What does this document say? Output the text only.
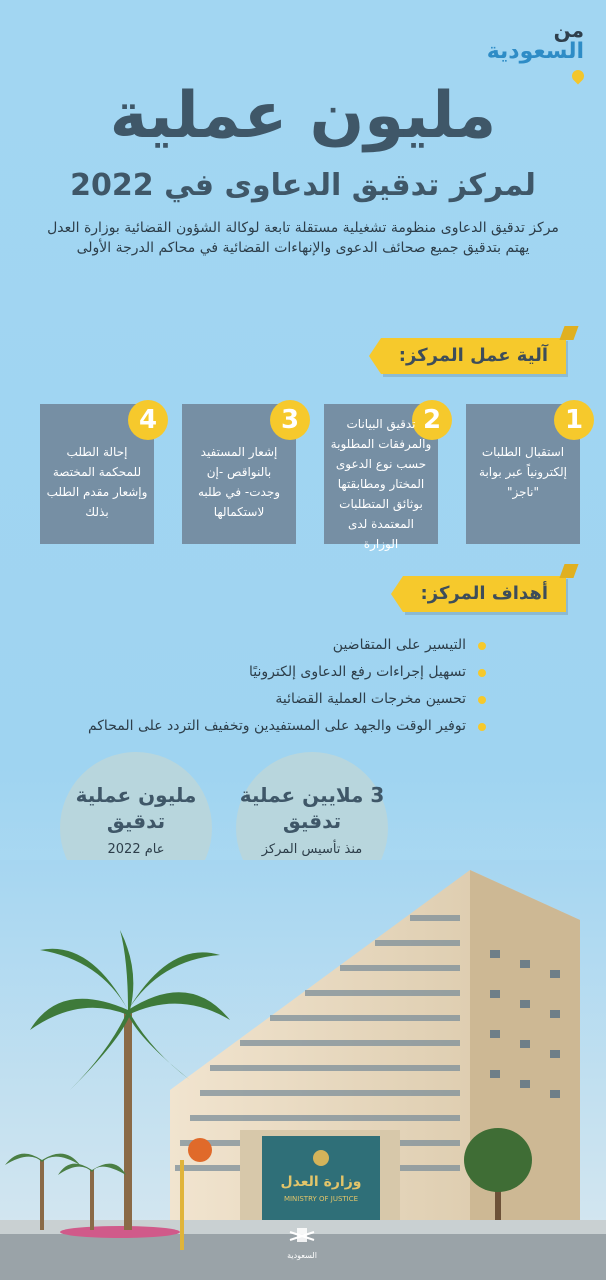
من
السعودية
مليون عملية
لمركز تدقيق الدعاوى في 2022

مركز تدقيق الدعاوى منظومة تشغيلية مستقلة تابعة لوكالة الشؤون القضائية بوزارة العدل

يهتم بتدقيق جميع صحائف الدعوى والإنهاءات القضائية في محاكم الدرجة الأولى

آلية عمل المركز:
1
استقبال الطلبات إلكترونياً عبر بوابة "ناجز"
2
تدقيق البيانات والمرفقات المطلوبة حسب نوع الدعوى المختار ومطابقتها بوثائق المتطلبات المعتمدة لدى الوزارة
3
إشعار المستفيد بالنواقص -إن وجدت- في طلبه لاستكمالها
4
إحالة الطلب للمحكمة المختصة وإشعار مقدم الطلب بذلك
أهداف المركز:
التيسير على المتقاضين
تسهيل إجراءات رفع الدعاوى إلكترونيًا
تحسين مخرجات العملية القضائية
توفير الوقت والجهد على المستفيدين وتخفيف التردد على المحاكم
3 ملايين عملية تدقيق
منذ تأسيس المركز
مليون عملية تدقيق
عام 2022
وزارة العدل
MINISTRY OF JUSTICE
السعودية
